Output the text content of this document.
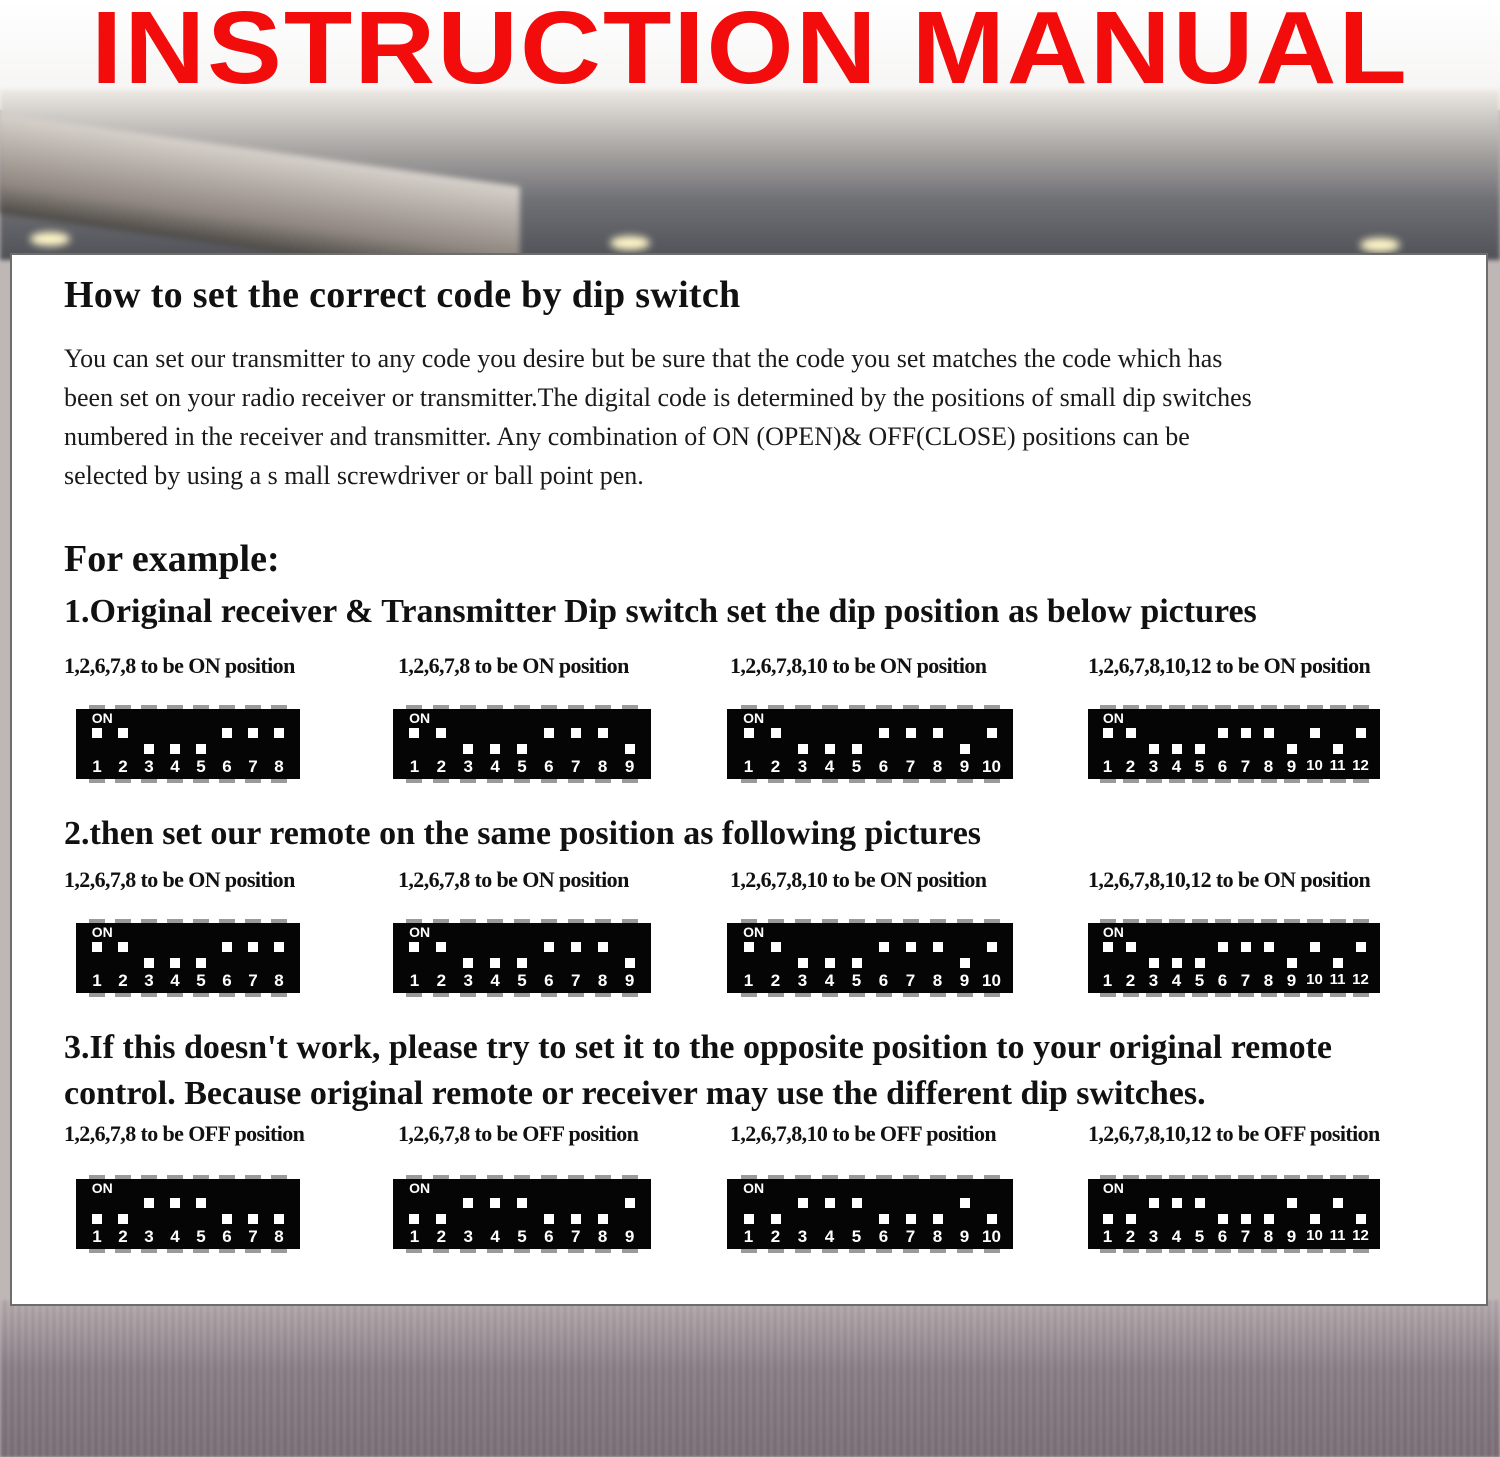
INSTRUCTION MANUAL
How to set the correct code by dip switch
You can set our transmitter to any code you desire but be sure that the code you set matches the code which has
been set on your radio receiver or transmitter.The digital code is determined by the positions of small dip switches
numbered in the receiver and transmitter. Any combination of ON (OPEN)& OFF(CLOSE) positions can be
selected by using a s mall screwdriver or ball point pen.
For example:
1.Original receiver & Transmitter Dip switch set the dip position as below pictures
2.then set our remote on the same position as following pictures
3.If this doesn't work, please try to set it to the opposite position to your original remote
control. Because original remote or receiver may use the different dip switches.
1,2,6,7,8 to be ON position
1 2 3 4 5 6 7 8
ON
1,2,6,7,8 to be ON position
1	2	3	4	5	6	7	8	9
ON
1,2,6,7,8,10 to be ON position
1	2	3	4	5	6	7	8	9 10
ON
1,2,6,7,8,10,12 to be ON position
1 2 3 4 5 6 7 8 9 10 11 12
ON
1,2,6,7,8 to be ON position
1 2 3 4 5 6 7 8
ON
1,2,6,7,8 to be ON position
1	2	3	4	5	6	7	8	9
ON
1,2,6,7,8,10 to be ON position
1	2	3	4	5	6	7	8	9 10
ON
1,2,6,7,8,10,12 to be ON position
1 2 3 4 5 6 7 8 9 10 11 12
ON
1,2,6,7,8 to be OFF position
1 2 3 4 5 6 7 8
ON
1,2,6,7,8 to be OFF position
1	2	3	4	5	6	7	8	9
ON
1,2,6,7,8,10 to be OFF position
1	2	3	4	5	6	7	8	9 10
ON
1,2,6,7,8,10,12 to be OFF position
1 2 3 4 5 6 7 8 9 10 11 12
ON
